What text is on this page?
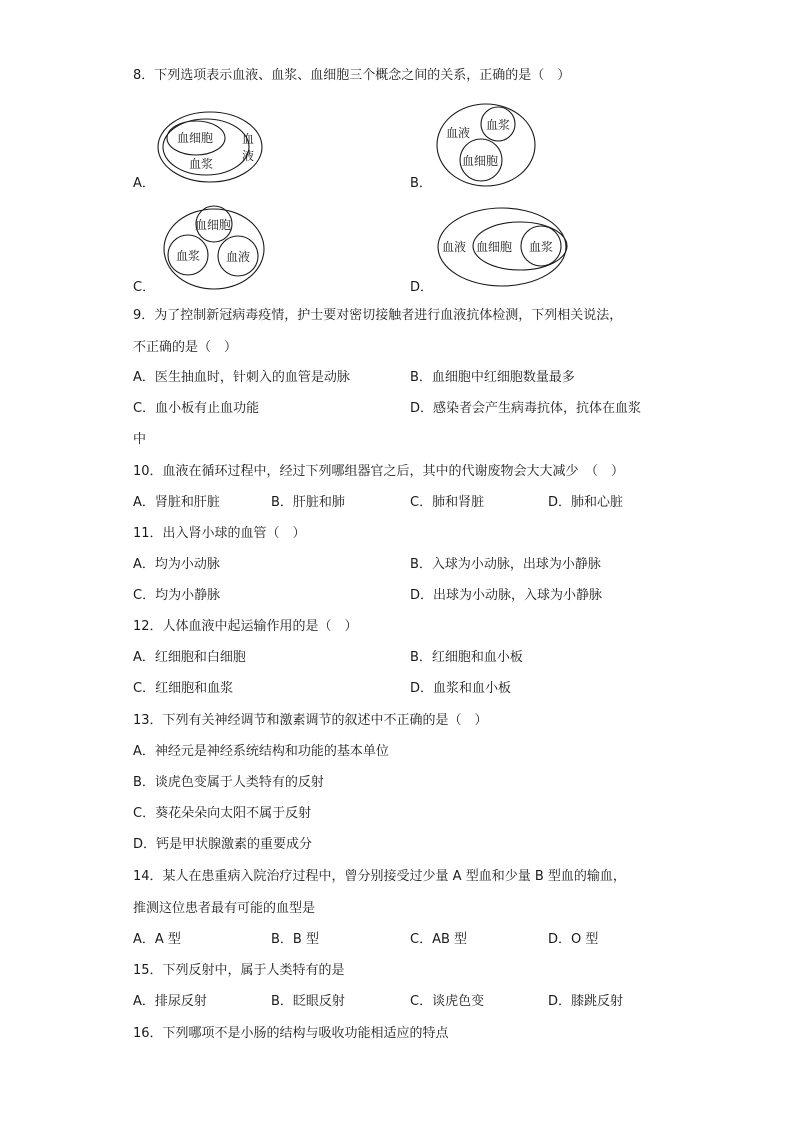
8．下列选项表示血液、血浆、血细胞三个概念之间的关系，正确的是（　）
血细胞
血浆
血
液
A．
血液
血浆
血细胞
B．
血细胞
血浆 血液
C．
血液 血细胞 血浆
D．
9．为了控制新冠病毒疫情，护士要对密切接触者进行血液抗体检测，下列相关说法，
不正确的是（　）
A．医生抽血时，针刺入的血管是动脉	B．血细胞中红细胞数量最多
C．血小板有止血功能	D．感染者会产生病毒抗体，抗体在血浆
中
10．血液在循环过程中，经过下列哪组器官之后，其中的代谢废物会大大减少　（　）
A．肾脏和肝脏	B．肝脏和肺	C．肺和肾脏	D．肺和心脏
11．出入肾小球的血管（　）
A．均为小动脉	B．入球为小动脉，出球为小静脉
C．均为小静脉	D．出球为小动脉，入球为小静脉
12．人体血液中起运输作用的是（　）
A．红细胞和白细胞	B．红细胞和血小板
C．红细胞和血浆	D．血浆和血小板
13．下列有关神经调节和激素调节的叙述中不正确的是（　）
A．神经元是神经系统结构和功能的基本单位
B．谈虎色变属于人类特有的反射
C．葵花朵朵向太阳不属于反射
D．钙是甲状腺激素的重要成分
14．某人在患重病入院治疗过程中，曾分别接受过少量 A 型血和少量 B 型血的输血，
推测这位患者最有可能的血型是
A．A 型	B．B 型	C．AB 型	D．O 型
15．下列反射中，属于人类特有的是
A．排尿反射	B．眨眼反射	C．谈虎色变	D．膝跳反射
16．下列哪项不是小肠的结构与吸收功能相适应的特点
